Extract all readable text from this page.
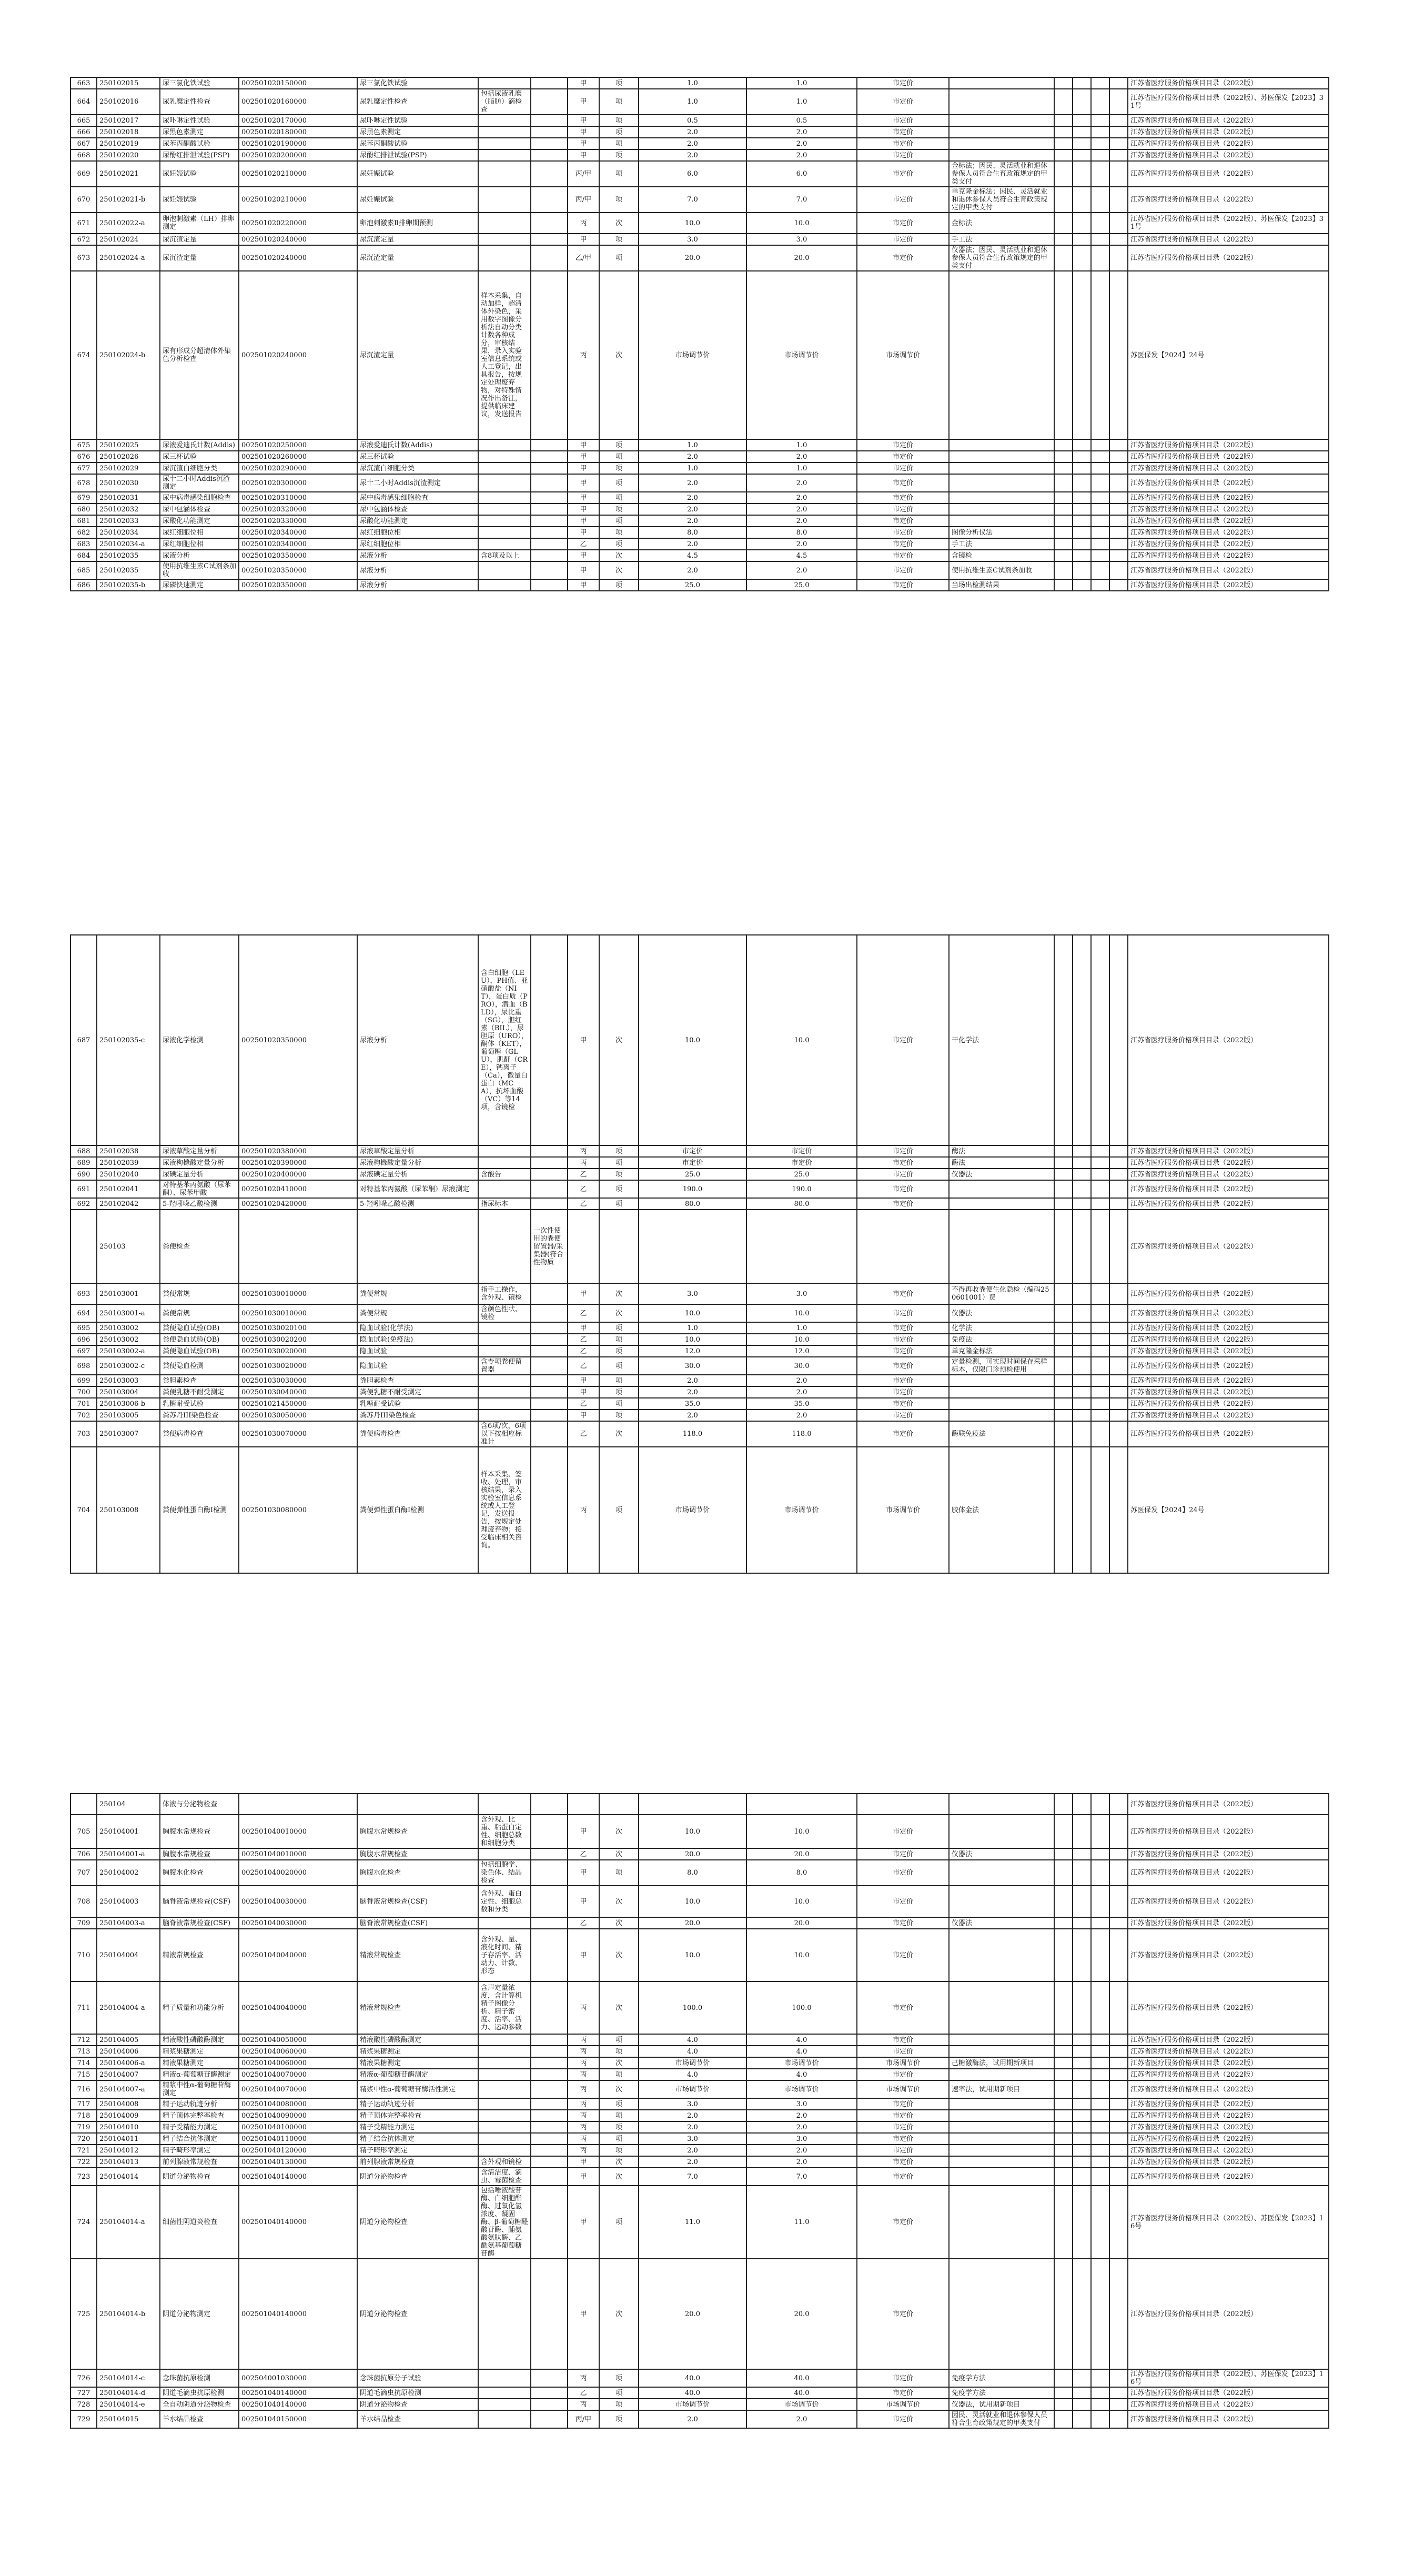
663	250102015	尿三氯化铁试验	002501020150000	尿三氯化铁试验			甲	项	1.0	1.0	市定价						江苏省医疗服务价格项目目录（2022版）
664	250102016	尿乳糜定性检查	002501020160000	尿乳糜定性检查	包括尿液乳糜（脂肪）滴检查		甲	项	1.0	1.0	市定价						江苏省医疗服务价格项目目录（2022版）、苏医保发【2023】31号
665	250102017	尿卟啉定性试验	002501020170000	尿卟啉定性试验			甲	项	0.5	0.5	市定价						江苏省医疗服务价格项目目录（2022版）
666	250102018	尿黑色素测定	002501020180000	尿黑色素测定			甲	项	2.0	2.0	市定价						江苏省医疗服务价格项目目录（2022版）
667	250102019	尿苯丙酮酸试验	002501020190000	尿苯丙酮酸试验			甲	项	2.0	2.0	市定价						江苏省医疗服务价格项目目录（2022版）
668	250102020	尿酚红排泄试验(PSP)	002501020200000	尿酚红排泄试验(PSP)			甲	项	2.0	2.0	市定价						江苏省医疗服务价格项目目录（2022版）
669	250102021	尿妊娠试验	002501020210000	尿妊娠试验			丙/甲	项	6.0	6.0	市定价	金标法；因民、灵活就业和退休参保人员符合生育政策规定的甲类支付					江苏省医疗服务价格项目目录（2022版）
670	250102021-b	尿妊娠试验	002501020210000	尿妊娠试验			丙/甲	项	7.0	7.0	市定价	单克隆金标法；因民、灵活就业和退休参保人员符合生育政策规定的甲类支付					江苏省医疗服务价格项目目录（2022版）
671	250102022-a	卵泡刺激素（LH）排卵测定	002501020220000	卵泡刺激素Ⅱ排卵期预测			丙	次	10.0	10.0	市定价	金标法					江苏省医疗服务价格项目目录（2022版）、苏医保发【2023】31号
672	250102024	尿沉渣定量	002501020240000	尿沉渣定量			甲	项	3.0	3.0	市定价	手工法					江苏省医疗服务价格项目目录（2022版）
673	250102024-a	尿沉渣定量	002501020240000	尿沉渣定量			乙/甲	项	20.0	20.0	市定价	仪器法；因民、灵活就业和退休参保人员符合生育政策规定的甲类支付					江苏省医疗服务价格项目目录（2022版）
674	250102024-b	尿有形成分超清体外染色分析检查	002501020240000	尿沉渣定量	样本采集，自动加样，超清体外染色，采用数字图像分析法自动分类计数各种成分，审核结果，录入实验室信息系统或人工登记，出具报告，按规定处理废弃物，对特殊情况作出备注，提供临床建议，发送报告		丙	次	市场调节价	市场调节价	市场调节价						苏医保发【2024】24号
675	250102025	尿液爱迪氏计数(Addis)	002501020250000	尿液爱迪氏计数(Addis)			甲	项	1.0	1.0	市定价						江苏省医疗服务价格项目目录（2022版）
676	250102026	尿三杯试验	002501020260000	尿三杯试验			甲	项	2.0	2.0	市定价						江苏省医疗服务价格项目目录（2022版）
677	250102029	尿沉渣白细胞分类	002501020290000	尿沉渣白细胞分类			甲	项	1.0	1.0	市定价						江苏省医疗服务价格项目目录（2022版）
678	250102030	尿十二小时Addis沉渣测定	002501020300000	尿十二小时Addis沉渣测定			甲	项	2.0	2.0	市定价						江苏省医疗服务价格项目目录（2022版）
679	250102031	尿中病毒感染细胞检查	002501020310000	尿中病毒感染细胞检查			甲	项	2.0	2.0	市定价						江苏省医疗服务价格项目目录（2022版）
680	250102032	尿中包涵体检查	002501020320000	尿中包涵体检查			甲	项	2.0	2.0	市定价						江苏省医疗服务价格项目目录（2022版）
681	250102033	尿酸化功能测定	002501020330000	尿酸化功能测定			甲	项	2.0	2.0	市定价						江苏省医疗服务价格项目目录（2022版）
682	250102034	尿红细胞位相	002501020340000	尿红细胞位相			甲	项	8.0	8.0	市定价	图像分析仪法					江苏省医疗服务价格项目目录（2022版）
683	250102034-a	尿红细胞位相	002501020340000	尿红细胞位相			乙	项	2.0	2.0	市定价	手工法					江苏省医疗服务价格项目目录（2022版）
684	250102035	尿液分析	002501020350000	尿液分析	含8项及以上		甲	次	4.5	4.5	市定价	含镜检					江苏省医疗服务价格项目目录（2022版）
685	250102035	使用抗维生素C试剂条加收	002501020350000	尿液分析			甲	次	2.0	2.0	市定价	使用抗维生素C试剂条加收					江苏省医疗服务价格项目目录（2022版）
686	250102035-b	尿磷快速测定	002501020350000	尿液分析			甲	项	25.0	25.0	市定价	当场出检测结果					江苏省医疗服务价格项目目录（2022版）
687	250102035-c	尿液化学检测	002501020350000	尿液分析	含白细胞（LEU），PH值、亚硝酸盐（NIT），蛋白质（PRO），潜血（BLD），尿比重（SG），胆红素（BIL），尿胆原（URO），酮体（KET），葡萄糖（GLU），肌酐（CRE），钙离子（Ca），微量白蛋白（MCA），抗坏血酸（VC）等14项，含镜检		甲	次	10.0	10.0	市定价	干化学法					江苏省医疗服务价格项目目录（2022版）
688	250102038	尿液草酸定量分析	002501020380000	尿液草酸定量分析			丙	项	市定价	市定价	市定价	酶法					江苏省医疗服务价格项目目录（2022版）
689	250102039	尿液枸橼酸定量分析	002501020390000	尿液枸橼酸定量分析			丙	项	市定价	市定价	市定价	酶法					江苏省医疗服务价格项目目录（2022版）
690	250102040	尿碘定量分析	002501020400000	尿液碘定量分析	含酸告		乙	项	25.0	25.0	市定价	仪器法					江苏省医疗服务价格项目目录（2022版）
691	250102041	对特基苯丙氨酸（尿苯酮）、尿苯甲酸	002501020410000	对特基苯丙氨酸（尿苯酮）尿液测定			乙	项	190.0	190.0	市定价						江苏省医疗服务价格项目目录（2022版）
692	250102042	5-羟吲哚乙酸检测	002501020420000	5-羟吲哚乙酸检测	指尿标本		乙	项	80.0	80.0	市定价						江苏省医疗服务价格项目目录（2022版）
	250103	粪便检查				一次性使用的粪便留置器/采集器(符合性物质											江苏省医疗服务价格项目目录（2022版）
693	250103001	粪便常规	002501030010000	粪便常规	指手工操作，含外观、镜检		甲	次	3.0	3.0	市定价	不得再收粪便生化隐检（编码250601001）费					江苏省医疗服务价格项目目录（2022版）
694	250103001-a	粪便常规	002501030010000	粪便常规	含颜色性状、镜检		乙	次	10.0	10.0	市定价	仪器法					江苏省医疗服务价格项目目录（2022版）
695	250103002	粪便隐血试验(OB)	002501030020100	隐血试验(化学法)			甲	项	1.0	1.0	市定价	化学法					江苏省医疗服务价格项目目录（2022版）
696	250103002	粪便隐血试验(OB)	002501030020200	隐血试验(免疫法)			乙	项	10.0	10.0	市定价	免疫法					江苏省医疗服务价格项目目录（2022版）
697	250103002-a	粪便隐血试验(OB)	002501030020000	隐血试验			乙	项	12.0	12.0	市定价	单克隆金标法					江苏省医疗服务价格项目目录（2022版）
698	250103002-c	粪便隐血检测	002501030020000	隐血试验	含专项粪便留置器		乙	项	30.0	30.0	市定价	定量检测，可实现时间保存采样标本，仅限门诊预检使用					江苏省医疗服务价格项目目录（2022版）
699	250103003	粪胆素检查	002501030030000	粪胆素检查			甲	项	2.0	2.0	市定价						江苏省医疗服务价格项目目录（2022版）
700	250103004	粪便乳糖不耐受测定	002501030040000	粪便乳糖不耐受测定			甲	项	2.0	2.0	市定价						江苏省医疗服务价格项目目录（2022版）
701	250103006-b	乳糖耐受试验	002501021450000	乳糖耐受试验			乙	项	35.0	35.0	市定价						江苏省医疗服务价格项目目录（2022版）
702	250103005	粪苏丹III染色检查	002501030050000	粪苏丹III染色检查			甲	项	2.0	2.0	市定价						江苏省医疗服务价格项目目录（2022版）
703	250103007	粪便病毒检查	002501030070000	粪便病毒检查	含6项/次，6项以下按相应标准计		乙	次	118.0	118.0	市定价	酶联免疫法					江苏省医疗服务价格项目目录（2022版）
704	250103008	粪便弹性蛋白酶Ⅰ检测	002501030080000	粪便弹性蛋白酶Ⅰ检测	样本采集、签收、处理，审核结果，录入实验室信息系统或人工登记，发送报告，按规定处理废弃物；接受临床相关咨询。		丙	项	市场调节价	市场调节价	市场调节价	胶体金法					苏医保发【2024】24号
	250104	体液与分泌物检查															江苏省医疗服务价格项目目录（2022版）
705	250104001	胸腹水常规检查	002501040010000	胸腹水常规检查	含外观、比重、粘蛋白定性、细胞总数和细胞分类		甲	次	10.0	10.0	市定价						江苏省医疗服务价格项目目录（2022版）
706	250104001-a	胸腹水常规检查	002501040010000	胸腹水常规检查			乙	次	20.0	20.0	市定价	仪器法					江苏省医疗服务价格项目目录（2022版）
707	250104002	胸腹水化检查	002501040020000	胸腹水化检查	包括细胞学、染色体、结晶检查		甲	项	8.0	8.0	市定价						江苏省医疗服务价格项目目录（2022版）
708	250104003	脑脊液常规检查(CSF)	002501040030000	脑脊液常规检查(CSF)	含外观、蛋白定性、细胞总数和分类		甲	次	10.0	10.0	市定价						江苏省医疗服务价格项目目录（2022版）
709	250104003-a	脑脊液常规检查(CSF)	002501040030000	脑脊液常规检查(CSF)			乙	次	20.0	20.0	市定价	仪器法					江苏省医疗服务价格项目目录（2022版）
710	250104004	精液常规检查	002501040040000	精液常规检查	含外观、量、液化时间、精子存活率、活动力、计数、形态		甲	次	10.0	10.0	市定价						江苏省医疗服务价格项目目录（2022版）
711	250104004-a	精子质量和功能分析	002501040040000	精液常规检查	含声定量浓度，含计算机精子图像分析、精子密度、活率、活力、运动参数		丙	次	100.0	100.0	市定价						江苏省医疗服务价格项目目录（2022版）
712	250104005	精液酸性磷酸酶测定	002501040050000	精液酸性磷酸酶测定			丙	项	4.0	4.0	市定价						江苏省医疗服务价格项目目录（2022版）
713	250104006	精浆果糖测定	002501040060000	精浆果糖测定			丙	项	4.0	4.0	市定价						江苏省医疗服务价格项目目录（2022版）
714	250104006-a	精液果糖测定	002501040060000	精液果糖测定			丙	次	市场调节价	市场调节价	市场调节价	己糖激酶法，试用期新项目					江苏省医疗服务价格项目目录（2022版）
715	250104007	精液α-葡萄糖苷酶测定	002501040070000	精液α-葡萄糖苷酶测定			丙	项	4.0	4.0	市定价						江苏省医疗服务价格项目目录（2022版）
716	250104007-a	精浆中性α-葡萄糖苷酶测定	002501040070000	精浆中性α-葡萄糖苷酶活性测定			丙	次	市场调节价	市场调节价	市场调节价	速率法，试用期新项目					江苏省医疗服务价格项目目录（2022版）
717	250104008	精子运动轨迹分析	002501040080000	精子运动轨迹分析			丙	项	3.0	3.0	市定价						江苏省医疗服务价格项目目录（2022版）
718	250104009	精子顶体完整率检查	002501040090000	精子顶体完整率检查			丙	项	2.0	2.0	市定价						江苏省医疗服务价格项目目录（2022版）
719	250104010	精子受精能力测定	002501040100000	精子受精能力测定			丙	项	2.0	2.0	市定价						江苏省医疗服务价格项目目录（2022版）
720	250104011	精子结合抗体测定	002501040110000	精子结合抗体测定			丙	项	3.0	3.0	市定价						江苏省医疗服务价格项目目录（2022版）
721	250104012	精子畸形率测定	002501040120000	精子畸形率测定			丙	项	2.0	2.0	市定价						江苏省医疗服务价格项目目录（2022版）
722	250104013	前列腺液常规检查	002501040130000	前列腺液常规检查	含外观和镜检		甲	次	2.0	2.0	市定价						江苏省医疗服务价格项目目录（2022版）
723	250104014	阴道分泌物检查	002501040140000	阴道分泌物检查	含清洁度、滴虫、霉菌检查		甲	次	7.0	7.0	市定价						江苏省医疗服务价格项目目录（2022版）
724	250104014-a	细菌性阴道炎检查	002501040140000	阴道分泌物检查	包括唾液酸苷酶、白细胞酯酶、过氧化氢浓度、凝固酶、β-葡萄糖醛酸苷酶、脯氨酸氨肽酶、乙酰氨基葡萄糖苷酶		甲	项	11.0	11.0	市定价						江苏省医疗服务价格项目目录（2022版）、苏医保发【2023】16号
725	250104014-b	阴道分泌物测定	002501040140000	阴道分泌物检查			甲	次	20.0	20.0	市定价						江苏省医疗服务价格项目目录（2022版）
726	250104014-c	念珠菌抗原检测	002504001030000	念珠菌抗原分子试验			丙	项	40.0	40.0	市定价	免疫学方法					江苏省医疗服务价格项目目录（2022版）、苏医保发【2023】16号
727	250104014-d	阴道毛滴虫抗原检测	002501040140000	阴道毛滴虫抗原检测			乙	项	40.0	40.0	市定价	免疫学方法					江苏省医疗服务价格项目目录（2022版）
728	250104014-e	全自动阴道分泌物检查	002501040140000	阴道分泌物检查			丙	项	市场调节价	市场调节价	市场调节价	仪器法，试用期新项目					江苏省医疗服务价格项目目录（2022版）
729	250104015	羊水结晶检查	002501040150000	羊水结晶检查			丙/甲	项	2.0	2.0	市定价	因民、灵活就业和退休参保人员符合生育政策规定的甲类支付					江苏省医疗服务价格项目目录（2022版）
